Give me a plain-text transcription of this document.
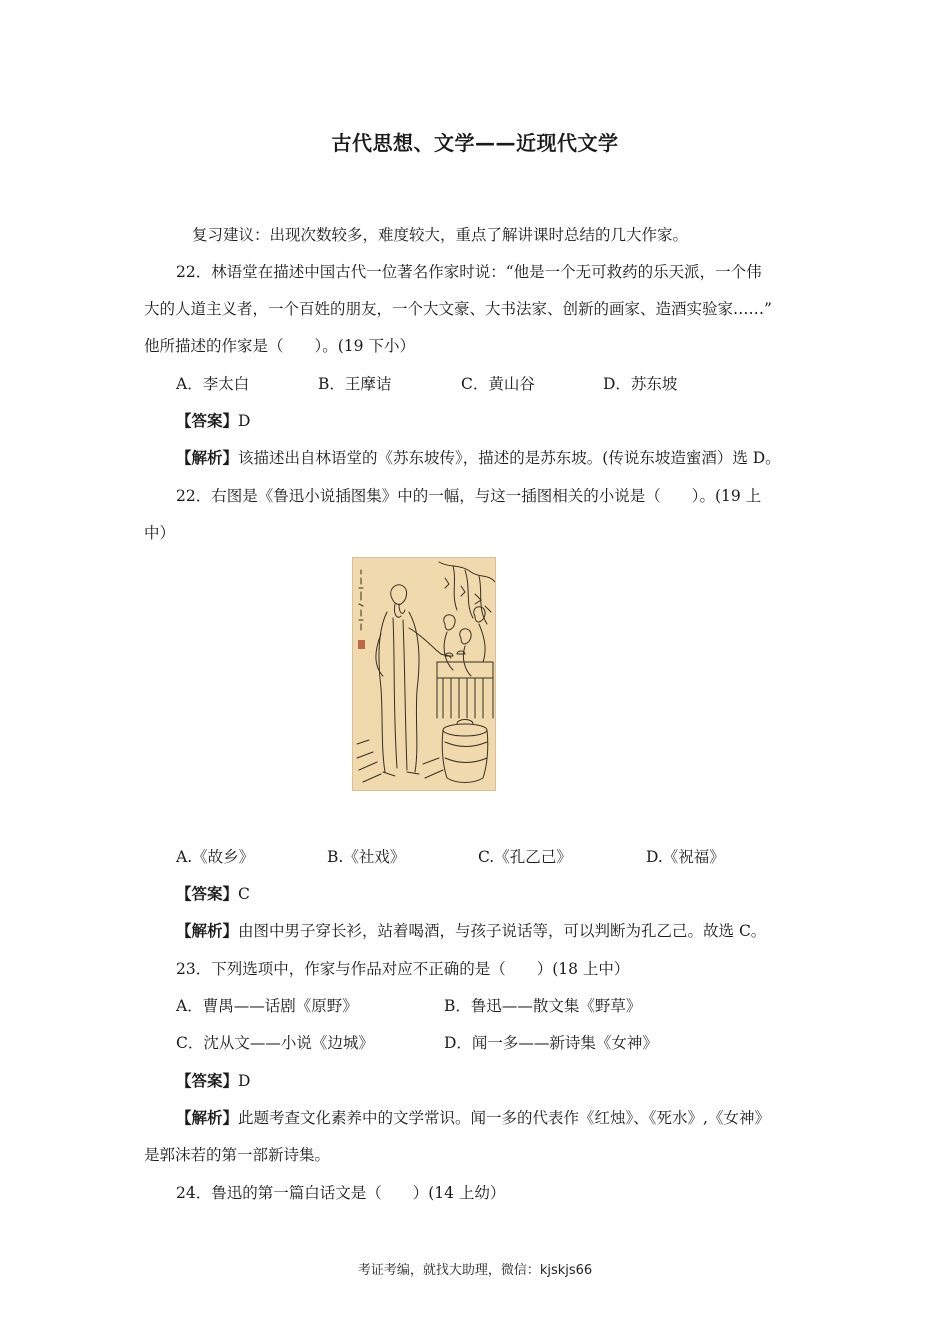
古代思想、文学——近现代文学
复习建议：出现次数较多，难度较大，重点了解讲课时总结的几大作家。
22．林语堂在描述中国古代一位著名作家时说：“他是一个无可救药的乐天派，一个伟
大的人道主义者，一个百姓的朋友，一个大文豪、大书法家、创新的画家、造酒实验家……”
他所描述的作家是（　　）。(19 下小）
A．李太白	B．王摩诘	C．黄山谷	D．苏东坡
【答案】D
【解析】该描述出自林语堂的《苏东坡传》，描述的是苏东坡。(传说东坡造蜜酒）选 D。
22．右图是《鲁迅小说插图集》中的一幅，与这一插图相关的小说是（　　）。(19 上
中）
A.《故乡》	B.《社戏》	C.《孔乙己》	D.《祝福》
【答案】C
【解析】由图中男子穿长衫，站着喝酒，与孩子说话等，可以判断为孔乙己。故选 C。
23．下列选项中，作家与作品对应不正确的是（　　）(18 上中）
A．曹禺——话剧《原野》	B．鲁迅——散文集《野草》
C．沈从文——小说《边城》	D．闻一多——新诗集《女神》
【答案】D
【解析】此题考查文化素养中的文学常识。闻一多的代表作《红烛》、《死水》,《女神》
是郭沫若的第一部新诗集。
24．鲁迅的第一篇白话文是（　　）(14 上幼）
考证考编，就找大助理，微信：kjskjs66
